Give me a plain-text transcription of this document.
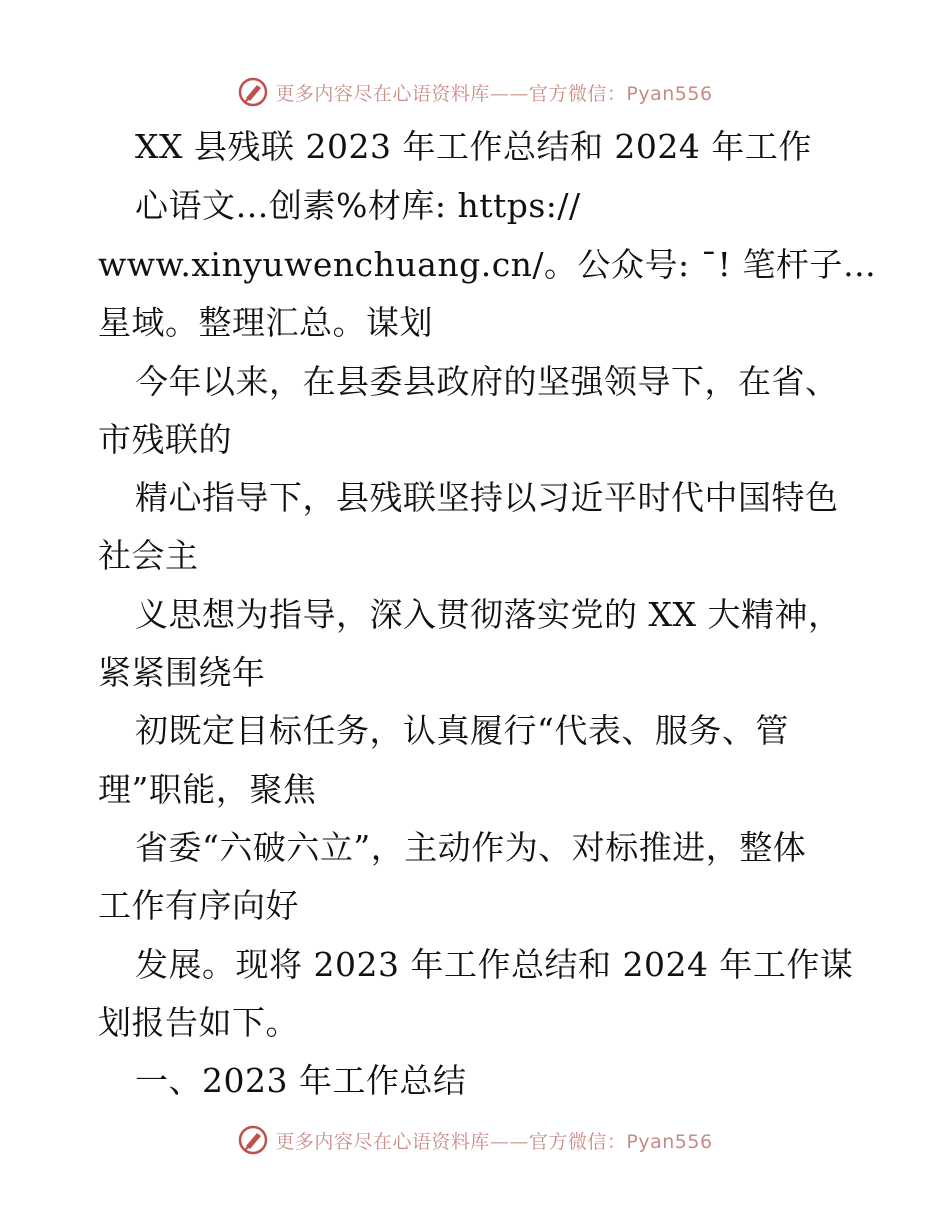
更多内容尽在心语资料库——官方微信：Pyan556
XX 县残联 2023 年工作总结和 2024 年工作
心语文…创素%材库: https://
www.xinyuwenchuang.cn/。公众号: ¯! 笔杆子…
星域。整理汇总。谋划
今年以来，在县委县政府的坚强领导下，在省、
市残联的
精心指导下，县残联坚持以习近平时代中国特色
社会主
义思想为指导，深入贯彻落实党的 XX 大精神，
紧紧围绕年
初既定目标任务，认真履行“代表、服务、管
理”职能，聚焦
省委“六破六立”，主动作为、对标推进，整体
工作有序向好
发展。现将 2023 年工作总结和 2024 年工作谋
划报告如下。
一、2023 年工作总结
更多内容尽在心语资料库——官方微信：Pyan556
